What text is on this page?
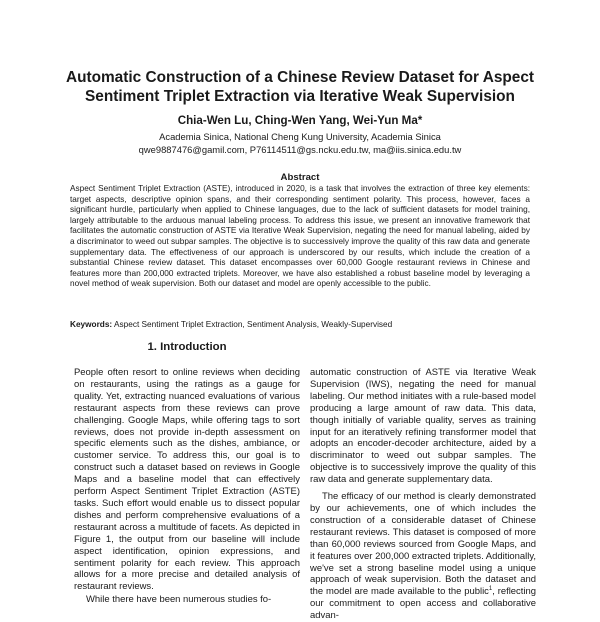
Automatic Construction of a Chinese Review Dataset for Aspect Sentiment Triplet Extraction via Iterative Weak Supervision
Chia-Wen Lu, Ching-Wen Yang, Wei-Yun Ma*
Academia Sinica, National Cheng Kung University, Academia Sinica
qwe9887476@gamil.com, P76114511@gs.ncku.edu.tw, ma@iis.sinica.edu.tw
Abstract
Aspect Sentiment Triplet Extraction (ASTE), introduced in 2020, is a task that involves the extraction of three key elements: target aspects, descriptive opinion spans, and their corresponding sentiment polarity. This process, however, faces a significant hurdle, particularly when applied to Chinese languages, due to the lack of sufficient datasets for model training, largely attributable to the arduous manual labeling process. To address this issue, we present an innovative framework that facilitates the automatic construction of ASTE via Iterative Weak Supervision, negating the need for manual labeling, aided by a discriminator to weed out subpar samples. The objective is to successively improve the quality of this raw data and generate supplementary data. The effectiveness of our approach is underscored by our results, which include the creation of a substantial Chinese review dataset. This dataset encompasses over 60,000 Google restaurant reviews in Chinese and features more than 200,000 extracted triplets. Moreover, we have also established a robust baseline model by leveraging a novel method of weak supervision. Both our dataset and model are openly accessible to the public.
Keywords: Aspect Sentiment Triplet Extraction, Sentiment Analysis, Weakly-Supervised
1. Introduction

People often resort to online reviews when deciding on restaurants, using the ratings as a gauge for quality. Yet, extracting nuanced evaluations of various restaurant aspects from these reviews can prove challenging. Google Maps, while offering tags to sort reviews, does not provide in-depth assessment on specific elements such as the dishes, ambiance, or customer service. To address this, our goal is to construct such a dataset based on reviews in Google Maps and a baseline model that can effectively perform Aspect Sentiment Triplet Extraction (ASTE) tasks. Such effort would enable us to dissect popular dishes and perform comprehensive evaluations of a restaurant across a multitude of facets. As depicted in Figure 1, the output from our baseline will include aspect identification, opinion expressions, and sentiment polarity for each review. This approach allows for a more precise and detailed analysis of restaurant reviews.

While there have been numerous studies fo-

automatic construction of ASTE via Iterative Weak Supervision (IWS), negating the need for manual labeling. Our method initiates with a rule-based model producing a large amount of raw data. This data, though initially of variable quality, serves as training input for an iteratively refining transformer model that adopts an encoder-decoder architecture, aided by a discriminator to weed out subpar samples. The objective is to successively improve the quality of this raw data and generate supplementary data.

The efficacy of our method is clearly demonstrated by our achievements, one of which includes the construction of a considerable dataset of Chinese restaurant reviews. This dataset is composed of more than 60,000 reviews sourced from Google Maps, and it features over 200,000 extracted triplets. Additionally, we've set a strong baseline model using a unique approach of weak supervision. Both the dataset and the model are made available to the public$^1$, reflecting our commitment to open access and collaborative advan-
